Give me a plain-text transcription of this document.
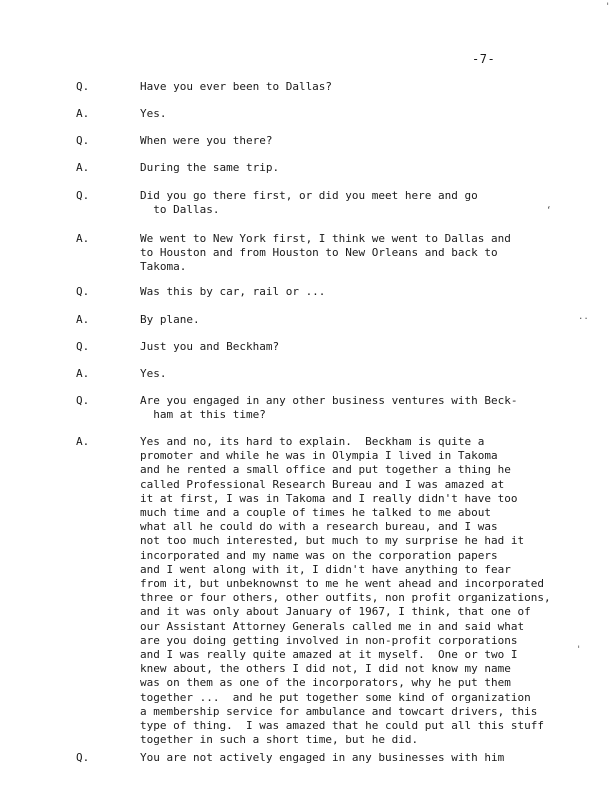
-7-
Q.	Have you ever been to Dallas?
A.	Yes.
Q.	When were you there?
A.	During the same trip.
Q.	Did you go there first, or did you meet here and go
to Dallas.
A.	We went to New York first, I think we went to Dallas and
to Houston and from Houston to New Orleans and back to
Takoma.
Q.	Was this by car, rail or ...
A.	By plane.
Q.	Just you and Beckham?
A.	Yes.
Q.	Are you engaged in any other business ventures with Beck-
ham at this time?
A.	Yes and no, its hard to explain.  Beckham is quite a
promoter and while he was in Olympia I lived in Takoma
and he rented a small office and put together a thing he
called Professional Research Bureau and I was amazed at
it at first, I was in Takoma and I really didn't have too
much time and a couple of times he talked to me about
what all he could do with a research bureau, and I was
not too much interested, but much to my surprise he had it
incorporated and my name was on the corporation papers
and I went along with it, I didn't have anything to fear
from it, but unbeknownst to me he went ahead and incorporated
three or four others, other outfits, non profit organizations,
and it was only about January of 1967, I think, that one of
our Assistant Attorney Generals called me in and said what
are you doing getting involved in non-profit corporations
and I was really quite amazed at it myself.  One or two I
knew about, the others I did not, I did not know my name
was on them as one of the incorporators, why he put them
together ...  and he put together some kind of organization
a membership service for ambulance and towcart drivers, this
type of thing.  I was amazed that he could put all this stuff
together in such a short time, but he did.
Q.	You are not actively engaged in any businesses with him
'
‘
..
'
